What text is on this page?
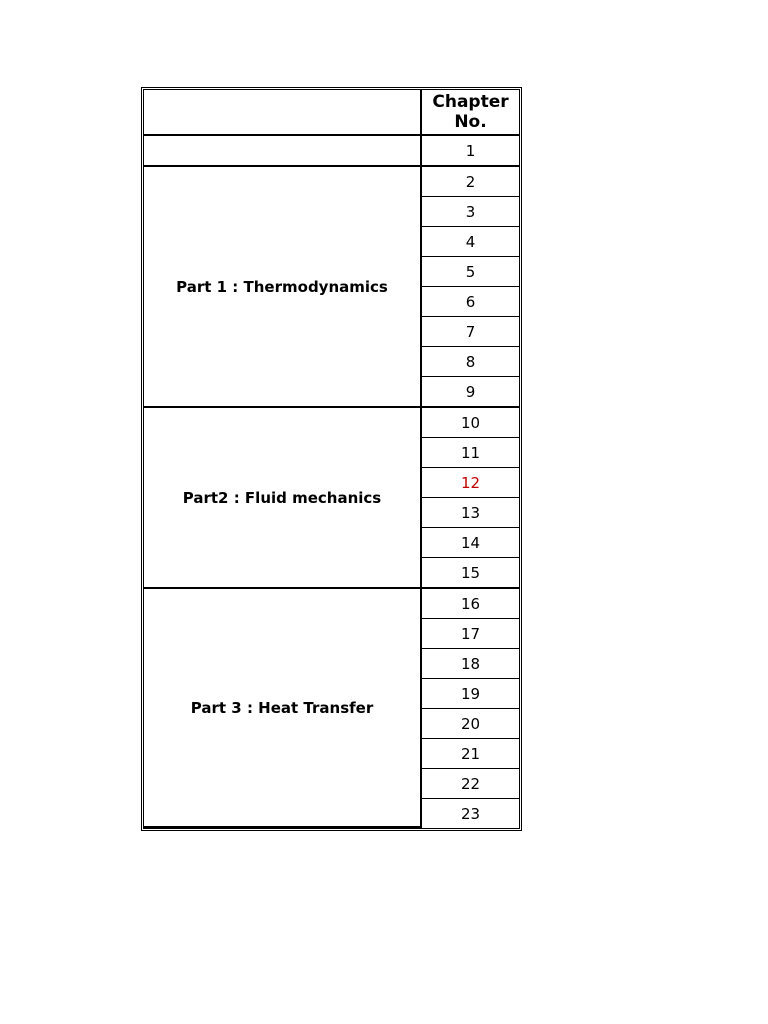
	Chapter No.
	1
Part 1 : Thermodynamics	2
	3
	4
	5
	6
	7
	8
	9
Part2 : Fluid mechanics	10
	11
	12
	13
	14
	15
Part 3 : Heat Transfer	16
	17
	18
	19
	20
	21
	22
	23
